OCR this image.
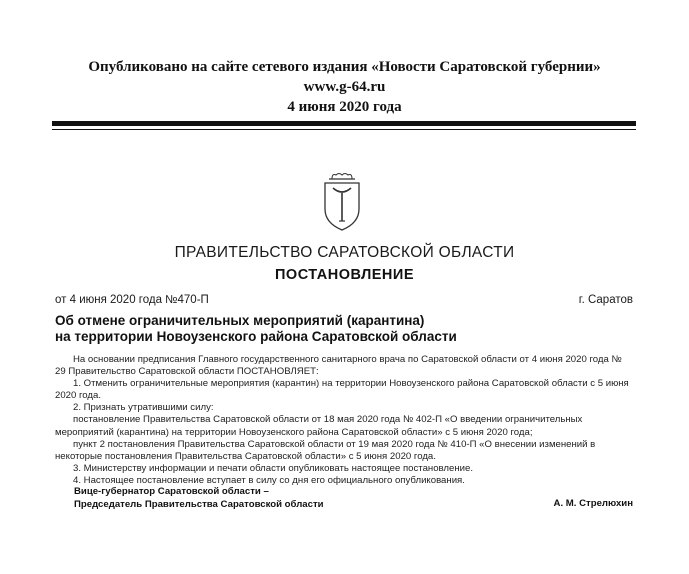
Опубликовано на сайте сетевого издания «Новости Саратовской губернии»
www.g-64.ru
4 июня 2020 года
ПРАВИТЕЛЬСТВО САРАТОВСКОЙ ОБЛАСТИ
ПОСТАНОВЛЕНИЕ
от 4 июня 2020 года №470-П	г. Саратов
Об отмене ограничительных мероприятий (карантина)
на территории Новоузенского района Саратовской области

На основании предписания Главного государственного санитарного врача по Саратовской области от 4 июня 2020 года № 29 Правительство Саратовской области ПОСТАНОВЛЯЕТ:

1. Отменить ограничительные мероприятия (карантин) на территории Новоузенского района Саратовской области с 5 июня 2020 года.

2. Признать утратившими силу:

постановление Правительства Саратовской области от 18 мая 2020 года № 402-П «О введении ограничительных мероприятий (карантина) на территории Новоузенского района Саратовской области» с 5 июня 2020 года;

пункт 2 постановления Правительства Саратовской области от 19 мая 2020 года № 410-П «О внесении изменений в некоторые постановления Правительства Саратовской области» с 5 июня 2020 года.

3. Министерству информации и печати области опубликовать настоящее постановление.

4. Настоящее постановление вступает в силу со дня его официального опубликования.

Вице-губернатор Саратовской области –
Председатель Правительства Саратовской области	А. М. Стрелюхин
